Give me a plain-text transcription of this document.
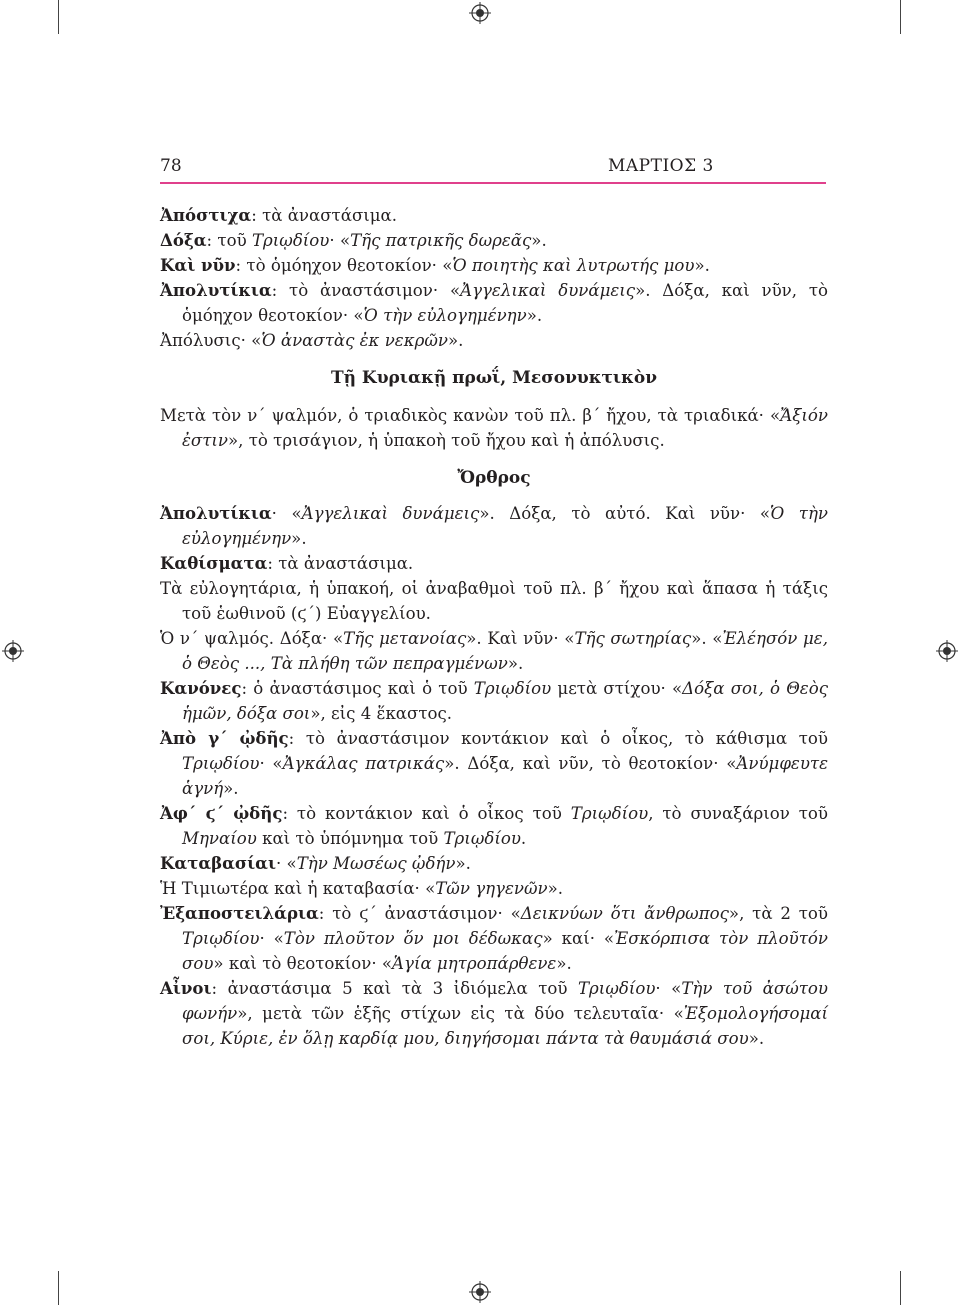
78	ΜΑΡΤΙΟΣ 3

Ἀπόστιχα: τὰ ἀναστάσιμα.

Δόξα: τοῦ Τριῳδίου· «Τῆς πατρικῆς δωρεᾶς».

Καὶ νῦν: τὸ ὁμόηχον θεοτοκίον· «Ὁ ποιητὴς καὶ λυτρωτής μου».

Ἀπολυτίκια: τὸ ἀναστάσιμον· «Ἀγγελικαὶ δυνάμεις». Δόξα, καὶ νῦν, τὸ ὁμόηχον θεοτοκίον· «Ὁ τὴν εὐλογημένην».

Ἀπόλυσις· «Ὁ ἀναστὰς ἐκ νεκρῶν».

Τῇ Κυριακῇ πρωΐ, Μεσονυκτικὸν

Μετὰ τὸν ν΄ ψαλμόν, ὁ τριαδικὸς κανὼν τοῦ πλ. β΄ ἤχου, τὰ τριαδικά· «Ἄξιόν ἐστιν», τὸ τρισάγιον, ἡ ὑπακοὴ τοῦ ἤχου καὶ ἡ ἀπόλυσις.

Ὄρθρος

Ἀπολυτίκια· «Ἀγγελικαὶ δυνάμεις». Δόξα, τὸ αὐτό. Καὶ νῦν· «Ὁ τὴν εὐλογημένην».

Καθίσματα: τὰ ἀναστάσιμα.

Τὰ εὐλογητάρια, ἡ ὑπακοή, οἱ ἀναβαθμοὶ τοῦ πλ. β΄ ἤχου καὶ ἅπασα ἡ τάξις τοῦ ἑωθινοῦ (ϛ΄) Εὐαγγελίου.

Ὁ ν΄ ψαλμός. Δόξα· «Τῆς μετανοίας». Καὶ νῦν· «Τῆς σωτηρίας». «Ἐλέησόν με, ὁ Θεὸς ..., Τὰ πλήθη τῶν πεπραγμένων».

Κανόνες: ὁ ἀναστάσιμος καὶ ὁ τοῦ Τριῳδίου μετὰ στίχου· «Δόξα σοι, ὁ Θεὸς ἡμῶν, δόξα σοι», εἰς 4 ἕκαστος.

Ἀπὸ γ΄ ᾠδῆς: τὸ ἀναστάσιμον κοντάκιον καὶ ὁ οἶκος, τὸ κάθισμα τοῦ Τριῳδίου· «Ἀγκάλας πατρικάς». Δόξα, καὶ νῦν, τὸ θεοτοκίον· «Ἀνύμφευτε ἁγνή».

Ἀφ΄ ϛ΄ ᾠδῆς: τὸ κοντάκιον καὶ ὁ οἶκος τοῦ Τριῳδίου, τὸ συναξάριον τοῦ Μηναίου καὶ τὸ ὑπόμνημα τοῦ Τριῳδίου.

Καταβασίαι· «Τὴν Μωσέως ᾠδήν».

Ἡ Τιμιωτέρα καὶ ἡ καταβασία· «Τῶν γηγενῶν».

Ἐξαποστειλάρια: τὸ ϛ΄ ἀναστάσιμον· «Δεικνύων ὅτι ἄνθρωπος», τὰ 2 τοῦ Τριῳδίου· «Τὸν πλοῦτον ὅν μοι δέδωκας» καί· «Ἐσκόρπισα τὸν πλοῦτόν σου» καὶ τὸ θεοτοκίον· «Ἁγία μητροπάρθενε».

Αἶνοι: ἀναστάσιμα 5 καὶ τὰ 3 ἰδιόμελα τοῦ Τριῳδίου· «Τὴν τοῦ ἀσώτου φωνήν», μετὰ τῶν ἑξῆς στίχων εἰς τὰ δύο τελευταῖα· «Ἐξομολογήσομαί σοι, Κύριε, ἐν ὅλῃ καρδίᾳ μου, διηγήσομαι πάντα τὰ θαυμάσιά σου».
